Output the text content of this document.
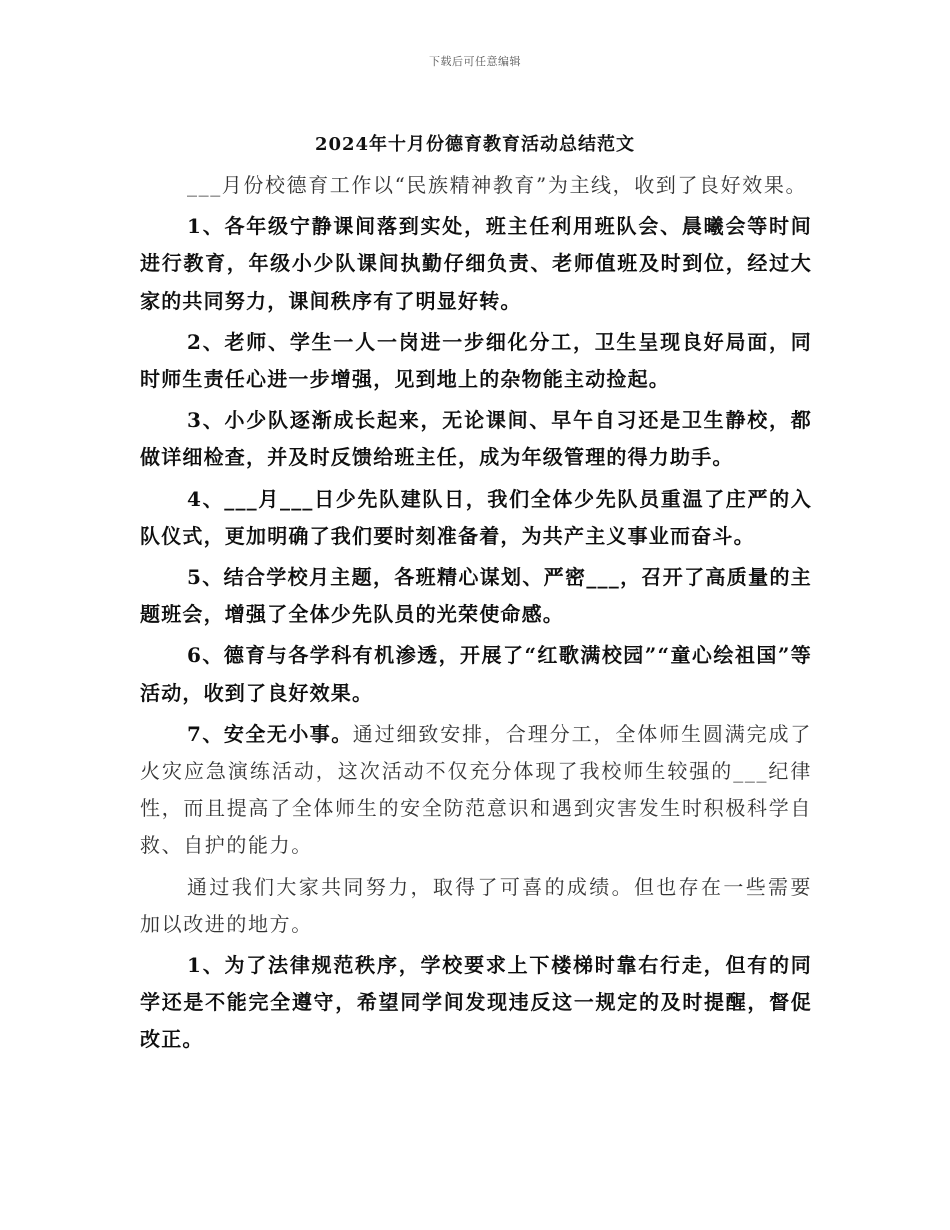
下载后可任意编辑
2024年十月份德育教育活动总结范文

___月份校德育工作以“民族精神教育”为主线，收到了良好效果。

1、各年级宁静课间落到实处，班主任利用班队会、晨曦会等时间进行教育，年级小少队课间执勤仔细负责、老师值班及时到位，经过大家的共同努力，课间秩序有了明显好转。

2、老师、学生一人一岗进一步细化分工，卫生呈现良好局面，同时师生责任心进一步增强，见到地上的杂物能主动捡起。

3、小少队逐渐成长起来，无论课间、早午自习还是卫生静校，都做详细检查，并及时反馈给班主任，成为年级管理的得力助手。

4、___月___日少先队建队日，我们全体少先队员重温了庄严的入队仪式，更加明确了我们要时刻准备着，为共产主义事业而奋斗。

5、结合学校月主题，各班精心谋划、严密___，召开了高质量的主题班会，增强了全体少先队员的光荣使命感。

6、德育与各学科有机渗透，开展了“红歌满校园”“童心绘祖国”等活动，收到了良好效果。

7、安全无小事。通过细致安排，合理分工，全体师生圆满完成了火灾应急演练活动，这次活动不仅充分体现了我校师生较强的___纪律性，而且提高了全体师生的安全防范意识和遇到灾害发生时积极科学自救、自护的能力。

通过我们大家共同努力，取得了可喜的成绩。但也存在一些需要加以改进的地方。

1、为了法律规范秩序，学校要求上下楼梯时靠右行走，但有的同学还是不能完全遵守，希望同学间发现违反这一规定的及时提醒，督促改正。
